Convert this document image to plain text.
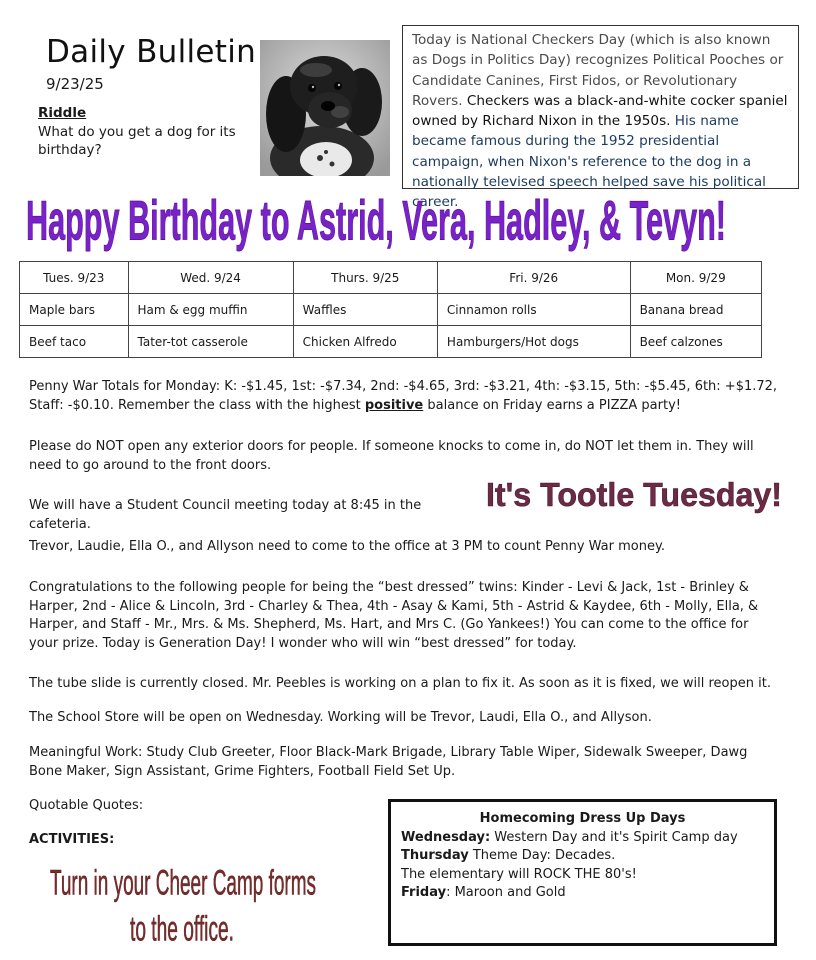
Daily Bulletin
9/23/25
Riddle
What do you get a dog for its birthday?
Today is National Checkers Day (which is also known as Dogs in Politics Day) recognizes Political Pooches or Candidate Canines, First Fidos, or Revolutionary Rovers. Checkers was a black-and-white cocker spaniel owned by Richard Nixon in the 1950s. His name became famous during the 1952 presidential campaign, when Nixon's reference to the dog in a nationally televised speech helped save his political career.
Happy Birthday to Astrid, Vera, Hadley, & Tevyn!
Tues. 9/23	Wed. 9/24	Thurs. 9/25	Fri. 9/26	Mon. 9/29
Maple bars	Ham & egg muffin	Waffles	Cinnamon rolls	Banana bread
Beef taco	Tater-tot casserole	Chicken Alfredo	Hamburgers/Hot dogs	Beef calzones
Penny War Totals for Monday: K: -$1.45, 1st: -$7.34, 2nd: -$4.65, 3rd: -$3.21, 4th: -$3.15, 5th: -$5.45, 6th: +$1.72, Staff: -$0.10. Remember the class with the highest positive balance on Friday earns a PIZZA party!
Please do NOT open any exterior doors for people. If someone knocks to come in, do NOT let them in. They will need to go around to the front doors.
We will have a Student Council meeting today at 8:45 in the cafeteria.
It's Tootle Tuesday!
Trevor, Laudie, Ella O., and Allyson need to come to the office at 3 PM to count Penny War money.
Congratulations to the following people for being the “best dressed” twins: Kinder - Levi & Jack, 1st - Brinley & Harper, 2nd - Alice & Lincoln, 3rd - Charley & Thea, 4th - Asay & Kami, 5th - Astrid & Kaydee, 6th - Molly, Ella, & Harper, and Staff - Mr., Mrs. & Ms. Shepherd, Ms. Hart, and Mrs C. (Go Yankees!) You can come to the office for your prize. Today is Generation Day! I wonder who will win “best dressed” for today.
The tube slide is currently closed. Mr. Peebles is working on a plan to fix it. As soon as it is fixed, we will reopen it.
The School Store will be open on Wednesday. Working will be Trevor, Laudi, Ella O., and Allyson.
Meaningful Work: Study Club Greeter, Floor Black-Mark Brigade, Library Table Wiper, Sidewalk Sweeper, Dawg Bone Maker, Sign Assistant, Grime Fighters, Football Field Set Up.
Quotable Quotes:
ACTIVITIES:
Homecoming Dress Up Days
Wednesday: Western Day and it's Spirit Camp day
Thursday Theme Day: Decades.
The elementary will ROCK THE 80's!
Friday: Maroon and Gold
Turn in your Cheer Camp forms
to the office.
